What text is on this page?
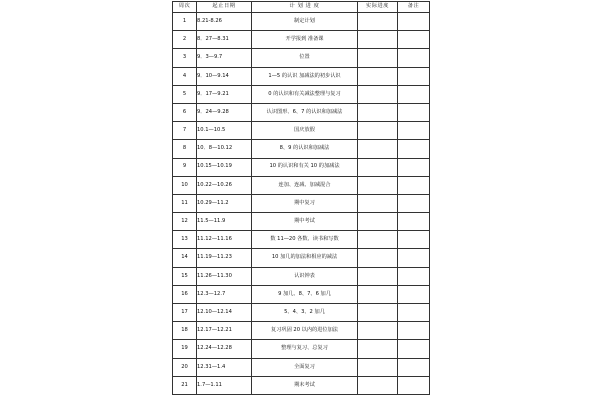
周次	起止日期	计 划 进 度	实际进度	备注
1	8.21-8.26	制定计划		
2	8．27—8.31	开学报到 准备课		
3	9．3—9.7	位置		
4	9．10—9.14	1—5 的认识 加减法的初步认识		
5	9．17—9.21	0 的认识和有关减法整理与复习		
6	9．24—9.28	认识图形、6、7 的认识和加减法		
7	10.1—10.5	国庆放假		
8	10．8—10.12	8、9 的认识和加减法		
9	10.15—10.19	10 的认识和有关 10 的加减法		
10	10.22—10.26	连加、连减、加减混合		
11	10.29—11.2	期中复习		
12	11.5—11.9	期中考试		
13	11.12—11.16	数 11—20 各数、读书和写数		
14	11.19—11.23	10 加几的加法和相应的减法		
15	11.26—11.30	认识钟表		
16	12.3—12.7	9 加几、8、7、6 加几		
17	12.10—12.14	5、4、3、2 加几		
18	12.17—12.21	复习巩固 20 以内的进位加法		
19	12.24—12.28	整理与复习、总复习		
20	12.31—1.4	全面复习		
21	1.7—1.11	期末考试		
